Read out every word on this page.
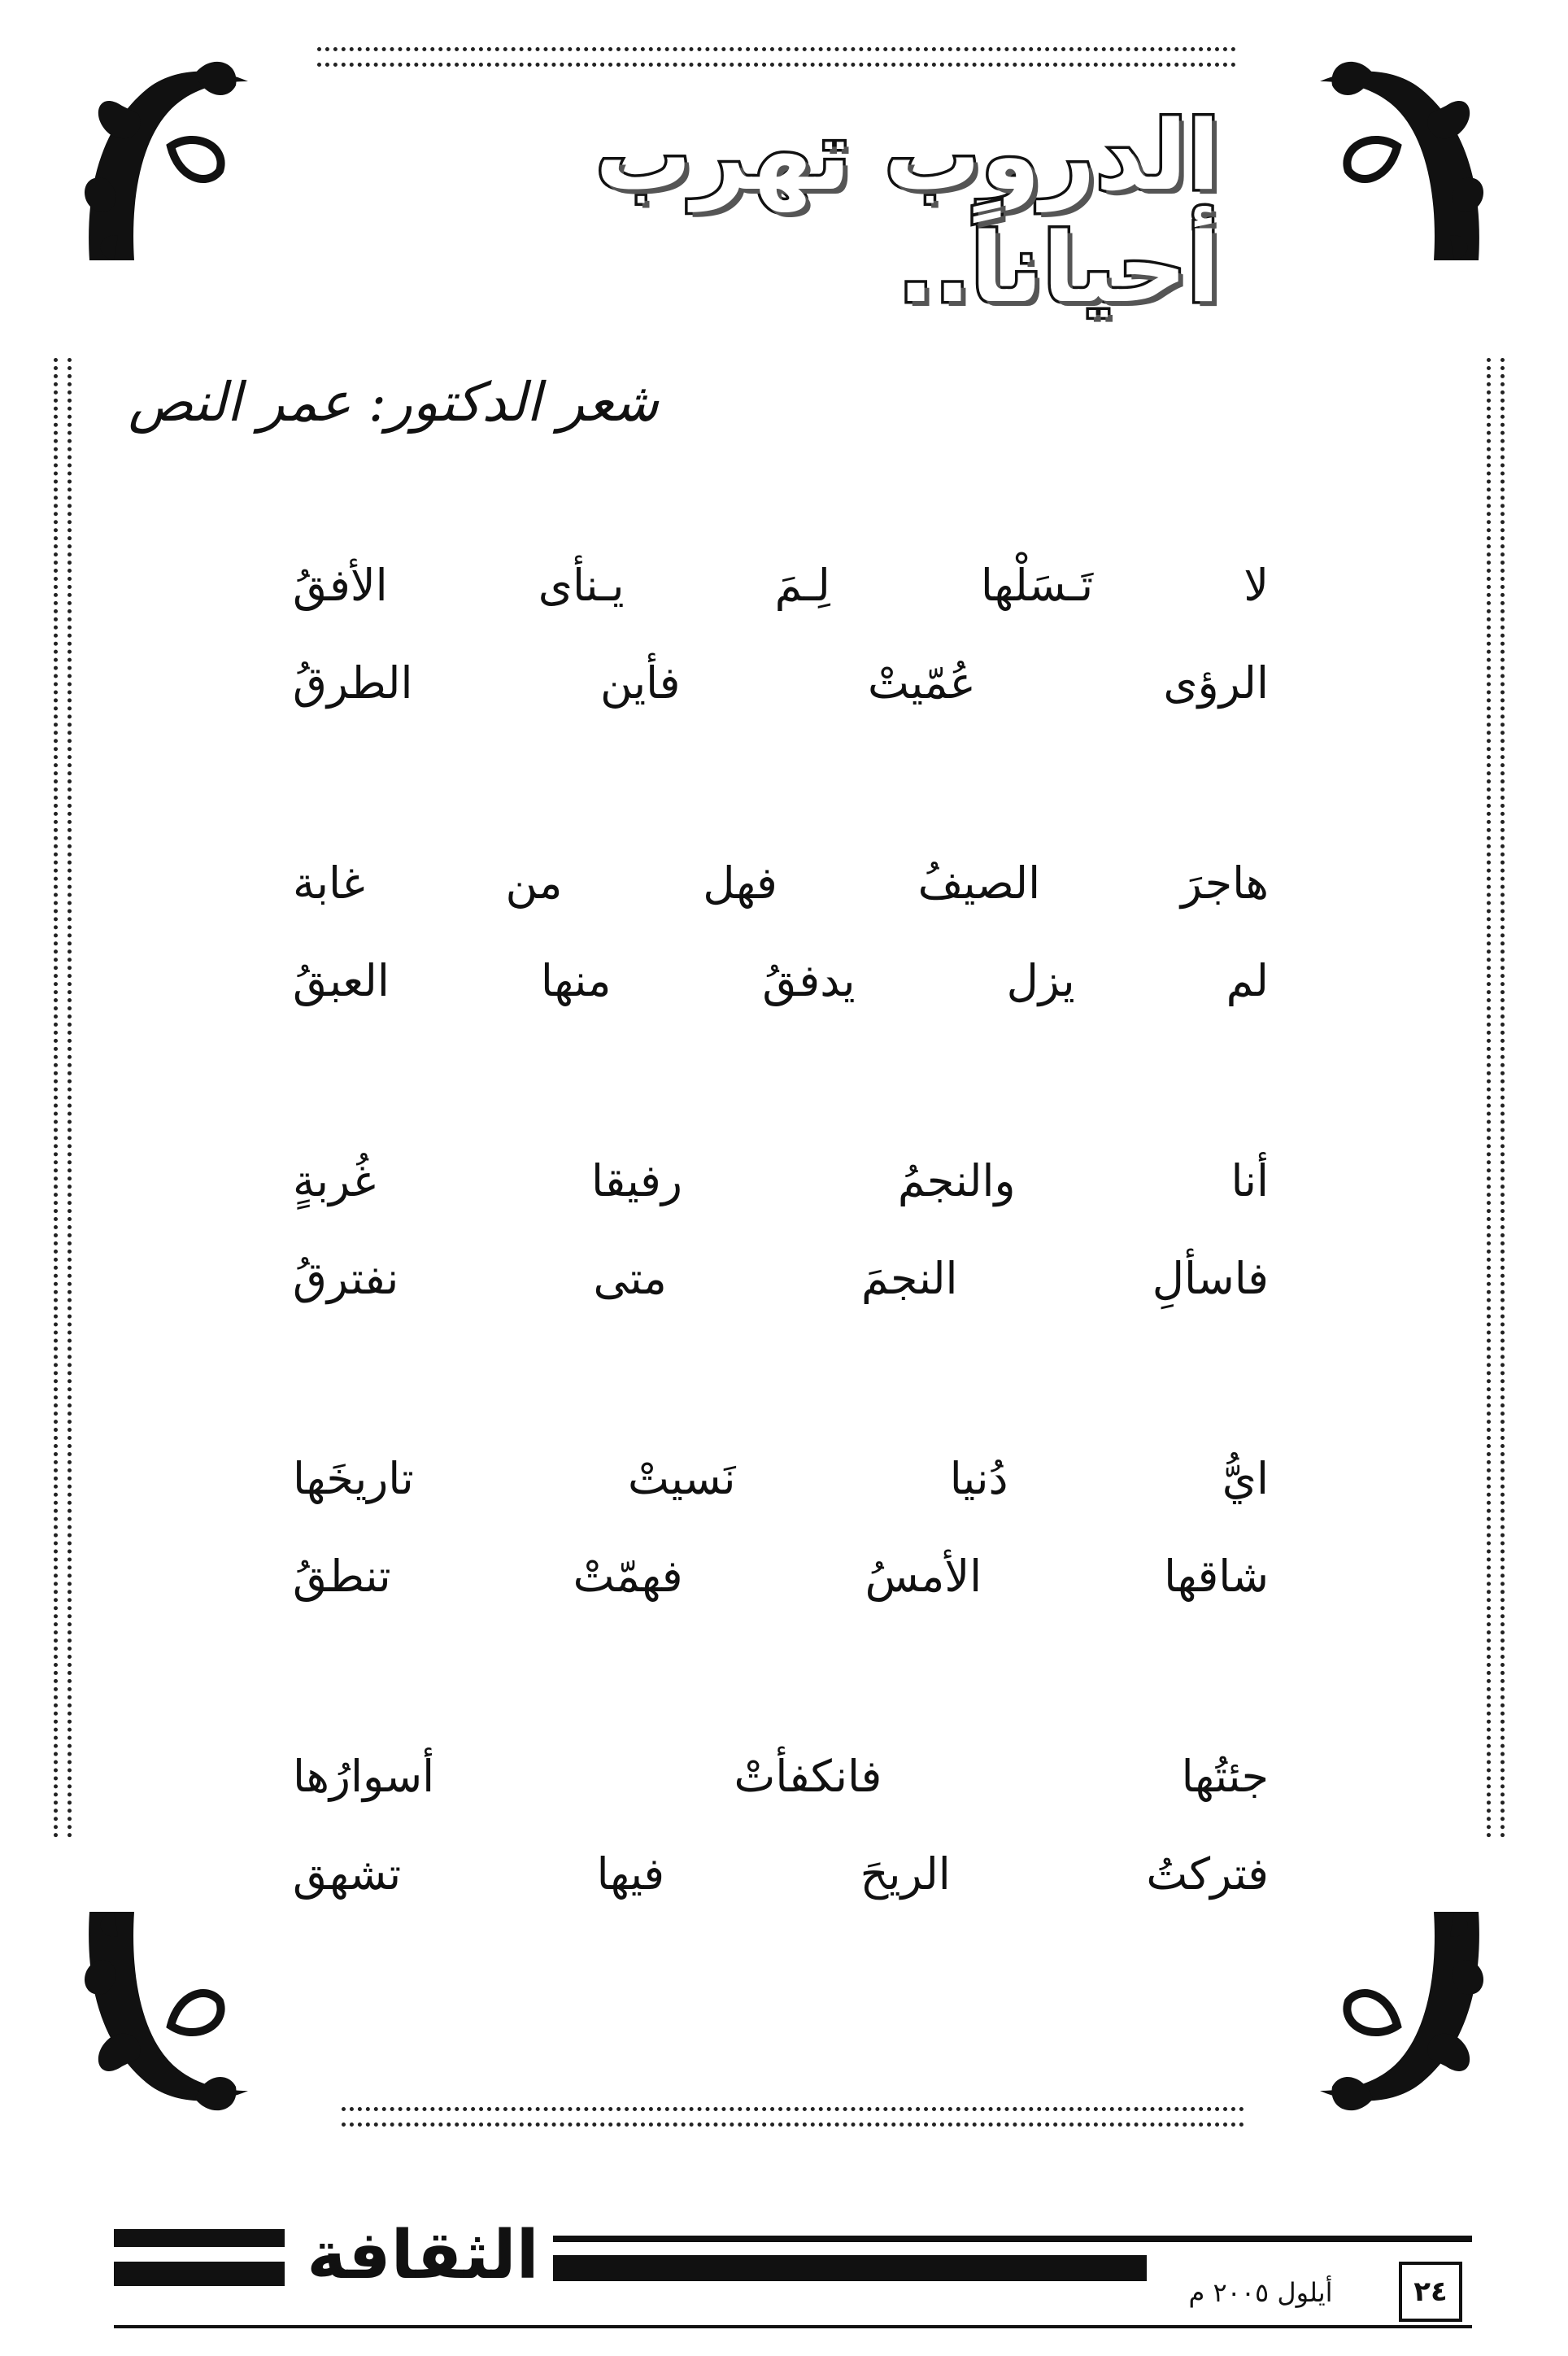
الدروب تهرب أحياناً..
شعر الدكتور: عمر النص
لا تَـسَلْها لِـمَ يـنأى الأفقُ
الرؤى عُمّيتْ فأين الطرقُ
هاجرَ الصيفُ فهل من غابة
لم يزل يدفقُ منها العبقُ
أنا والنجمُ رفيقا غُربةٍ
فاسألِ النجمَ متى نفترقُ
ايُّ دُنيا نَسيتْ تاريخَها
شاقها الأمسُ فهمّتْ تنطقُ
جئتُها فانكفأتْ أسوارُها
فتركتُ الريحَ فيها تشهق
الثقافة	أيلول ٢٠٠٥ م	٢٤
